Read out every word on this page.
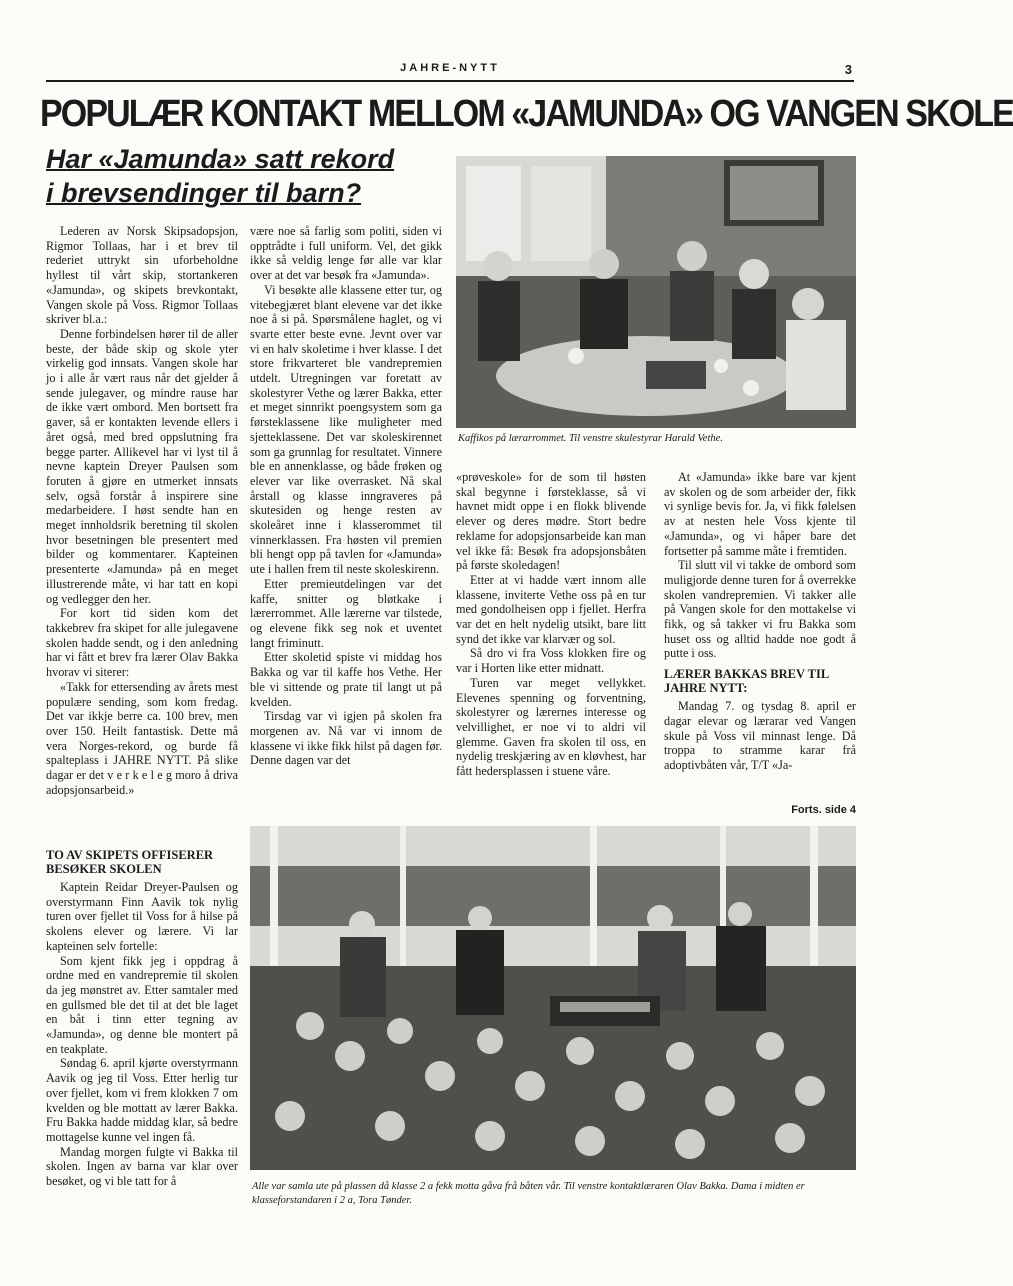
JAHRE-NYTT	3
POPULÆR KONTAKT MELLOM «JAMUNDA» OG VANGEN SKOLE
Har «Jamunda» satt rekord
i brevsendinger til barn?

Lederen av Norsk Skipsadopsjon, Rigmor Tollaas, har i et brev til rederiet uttrykt sin uforbeholdne hyllest til vårt skip, stortankeren «Jamunda», og skipets brevkontakt, Vangen skole på Voss. Rigmor Tollaas skriver bl.a.:

Denne forbindelsen hører til de aller beste, der både skip og skole yter virkelig god innsats. Vangen skole har jo i alle år vært raus når det gjelder å sende julegaver, og mindre rause har de ikke vært ombord. Men bortsett fra gaver, så er kontakten levende ellers i året også, med bred oppslutning fra begge parter. Allikevel har vi lyst til å nevne kaptein Dreyer Paulsen som foruten å gjøre en utmerket innsats selv, også forstår å inspirere sine medarbeidere. I høst sendte han en meget innholdsrik beretning til skolen hvor besetningen ble presentert med bilder og kommentarer. Kapteinen presenterte «Jamunda» på en meget illustrerende måte, vi har tatt en kopi og vedlegger den her.

For kort tid siden kom det takkebrev fra skipet for alle julegavene skolen hadde sendt, og i den anledning har vi fått et brev fra lærer Olav Bakka hvorav vi siterer:

«Takk for ettersending av årets mest populære sending, som kom fredag. Det var ikkje berre ca. 100 brev, men over 150. Heilt fantastisk. Dette må vera Norges-rekord, og burde få spalteplass i JAHRE NYTT. På slike dagar er det v e r k e l e g moro å driva adopsjonsarbeid.»

TO AV SKIPETS OFFISERER BESØKER SKOLEN

Kaptein Reidar Dreyer-Paulsen og overstyrmann Finn Aavik tok nylig turen over fjellet til Voss for å hilse på skolens elever og lærere. Vi lar kapteinen selv fortelle:

Som kjent fikk jeg i oppdrag å ordne med en vandrepremie til skolen da jeg mønstret av. Etter samtaler med en gullsmed ble det til at det ble laget en båt i tinn etter tegning av «Jamunda», og denne ble montert på en teakplate.

Søndag 6. april kjørte overstyrmann Aavik og jeg til Voss. Etter herlig tur over fjellet, kom vi frem klokken 7 om kvelden og ble mottatt av lærer Bakka. Fru Bakka hadde middag klar, så bedre mottagelse kunne vel ingen få.

Mandag morgen fulgte vi Bakka til skolen. Ingen av barna var klar over besøket, og vi ble tatt for å

være noe så farlig som politi, siden vi opptrådte i full uniform. Vel, det gikk ikke så veldig lenge før alle var klar over at det var besøk fra «Jamunda».

Vi besøkte alle klassene etter tur, og vitebegjæret blant elevene var det ikke noe å si på. Spørsmålene haglet, og vi svarte etter beste evne. Jevnt over var vi en halv skoletime i hver klasse. I det store frikvarteret ble vandrepremien utdelt. Utregningen var foretatt av skolestyrer Vethe og lærer Bakka, etter et meget sinnrikt poengsystem som ga førsteklassene like muligheter med sjetteklassene. Det var skoleskirennet som ga grunnlag for resultatet. Vinnere ble en annenklasse, og både frøken og elever var like overrasket. Nå skal årstall og klasse inngraveres på skutesiden og henge resten av skoleåret inne i klasserommet til vinnerklassen. Fra høsten vil premien bli hengt opp på tavlen for «Jamunda» ute i hallen frem til neste skoleskirenn.

Etter premieutdelingen var det kaffe, snitter og bløtkake i lærerrommet. Alle lærerne var tilstede, og elevene fikk seg nok et uventet langt friminutt.

Etter skoletid spiste vi middag hos Bakka og var til kaffe hos Vethe. Her ble vi sittende og prate til langt ut på kvelden.

Tirsdag var vi igjen på skolen fra morgenen av. Nå var vi innom de klassene vi ikke fikk hilst på dagen før. Denne dagen var det

Kaffikos på lærarrommet. Til venstre skulestyrar Harald Vethe.

«prøveskole» for de som til høsten skal begynne i førsteklasse, så vi havnet midt oppe i en flokk blivende elever og deres mødre. Stort bedre reklame for adopsjonsarbeide kan man vel ikke få: Besøk fra adopsjonsbåten på første skoledagen!

Etter at vi hadde vært innom alle klassene, inviterte Vethe oss på en tur med gondolheisen opp i fjellet. Herfra var det en helt nydelig utsikt, bare litt synd det ikke var klarvær og sol.

Så dro vi fra Voss klokken fire og var i Horten like etter midnatt.

Turen var meget vellykket. Elevenes spenning og forventning, skolestyrer og lærernes interesse og velvillighet, er noe vi to aldri vil glemme. Gaven fra skolen til oss, en nydelig treskjæring av en kløvhest, har fått hedersplassen i stuene våre.

At «Jamunda» ikke bare var kjent av skolen og de som arbeider der, fikk vi synlige bevis for. Ja, vi fikk følelsen av at nesten hele Voss kjente til «Jamunda», og vi håper bare det fortsetter på samme måte i fremtiden.

Til slutt vil vi takke de ombord som muligjorde denne turen for å overrekke skolen vandrepremien. Vi takker alle på Vangen skole for den mottakelse vi fikk, og så takker vi fru Bakka som huset oss og alltid hadde noe godt å putte i oss.

LÆRER BAKKAS BREV TIL JAHRE NYTT:

Mandag 7. og tysdag 8. april er dagar elevar og lærarar ved Vangen skule på Voss vil minnast lenge. Då troppa to stramme karar frå adoptivbåten vår, T/T «Ja-

Forts. side 4
Alle var samla ute på plassen då klasse 2 a fekk motta gåva frå båten vår. Til venstre kontaktlæraren Olav Bakka. Dama i midten er klasseforstandaren i 2 a, Tora Tønder.
